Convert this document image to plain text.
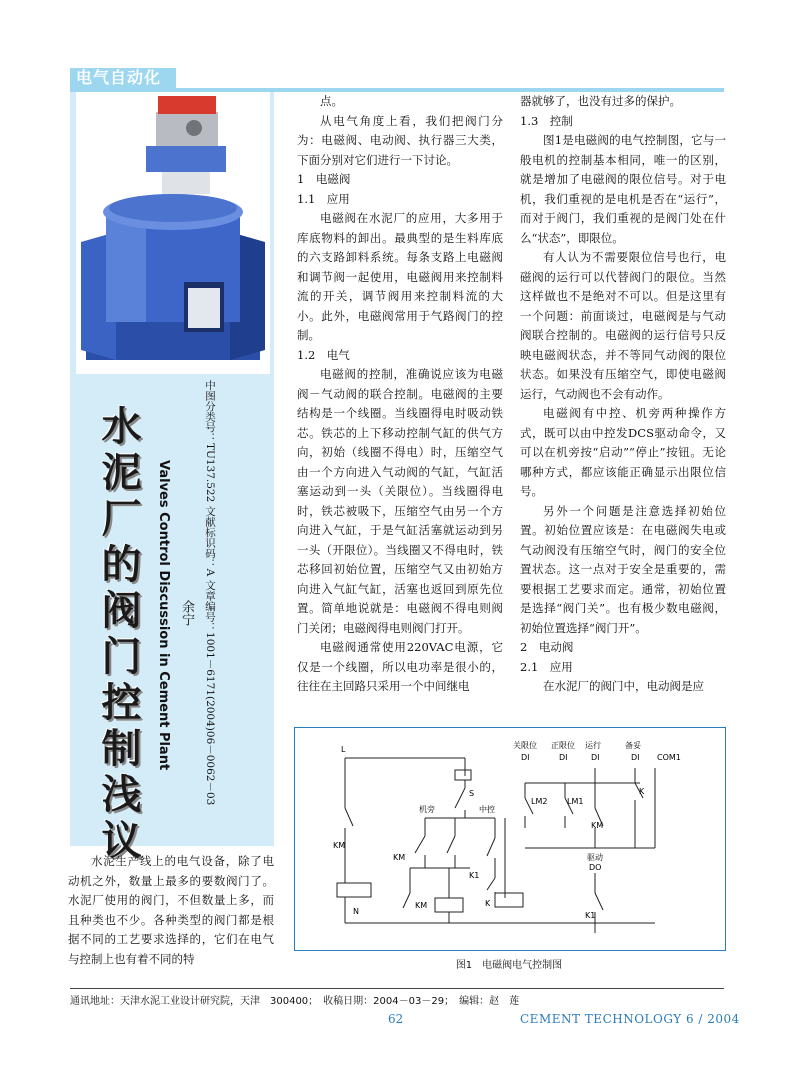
电气自动化
中图分类号：TU137.522 文献标识码：A 文章编号：1001－6171(2004)06－0062－03
水泥厂的阀门控制浅议	Valves Control Discussion in Cement Plant 余宁

水泥生产线上的电气设备，除了电动机之外，数量上最多的要数阀门了。水泥厂使用的阀门，不但数量上多，而且种类也不少。各种类型的阀门都是根据不同的工艺要求选择的，它们在电气与控制上也有着不同的特

点。

从电气角度上看，我们把阀门分为：电磁阀、电动阀、执行器三大类，下面分别对它们进行一下讨论。

1　电磁阀

1.1　应用

电磁阀在水泥厂的应用，大多用于库底物料的卸出。最典型的是生料库底的六支路卸料系统。每条支路上电磁阀和调节阀一起使用，电磁阀用来控制料流的开关，调节阀用来控制料流的大小。此外，电磁阀常用于气路阀门的控制。

1.2　电气

电磁阀的控制，准确说应该为电磁阀－气动阀的联合控制。电磁阀的主要结构是一个线圈。当线圈得电时吸动铁芯。铁芯的上下移动控制气缸的供气方向，初始（线圈不得电）时，压缩空气由一个方向进入气动阀的气缸，气缸活塞运动到一头（关限位）。当线圈得电时，铁芯被吸下，压缩空气由另一个方向进入气缸，于是气缸活塞就运动到另一头（开限位）。当线圈又不得电时，铁芯移回初始位置，压缩空气又由初始方向进入气缸气缸，活塞也返回到原先位置。简单地说就是：电磁阀不得电则阀门关闭；电磁阀得电则阀门打开。

电磁阀通常使用220VAC电源，它仅是一个线圈，所以电功率是很小的，往往在主回路只采用一个中间继电

器就够了，也没有过多的保护。

1.3　控制

图1是电磁阀的电气控制图，它与一般电机的控制基本相同，唯一的区别，就是增加了电磁阀的限位信号。对于电机，我们重视的是电机是否在“运行”，而对于阀门，我们重视的是阀门处在什么“状态”，即限位。

有人认为不需要限位信号也行，电磁阀的运行可以代替阀门的限位。当然这样做也不是绝对不可以。但是这里有一个问题：前面谈过，电磁阀是与气动阀联合控制的。电磁阀的运行信号只反映电磁阀状态，并不等同气动阀的限位状态。如果没有压缩空气，即使电磁阀运行，气动阀也不会有动作。

电磁阀有中控、机旁两种操作方式，既可以由中控发DCS驱动命令，又可以在机旁按“启动”“停止”按钮。无论哪种方式，都应该能正确显示出限位信号。

另外一个问题是注意选择初始位置。初始位置应该是：在电磁阀失电或气动阀没有压缩空气时，阀门的安全位置状态。这一点对于安全是重要的，需要根据工艺要求而定。通常，初始位置是选择“阀门关”。也有极少数电磁阀，初始位置选择“阀门开”。

2　电动阀

2.1　应用

在水泥厂的阀门中，电动阀是应

L
N
S
KM
机旁	中控
KM
K1
KM	K
关限位 正限位 运行	备妥
DI	DI	DI	DI COM1
LM2 LM1
K
KM
驱动
DO
K1
图1　电磁阀电气控制图
通讯地址：天津水泥工业设计研究院，天津　300400；　收稿日期：2004－03－29；　编辑：赵　莲
62	CEMENT TECHNOLOGY 6 / 2004
